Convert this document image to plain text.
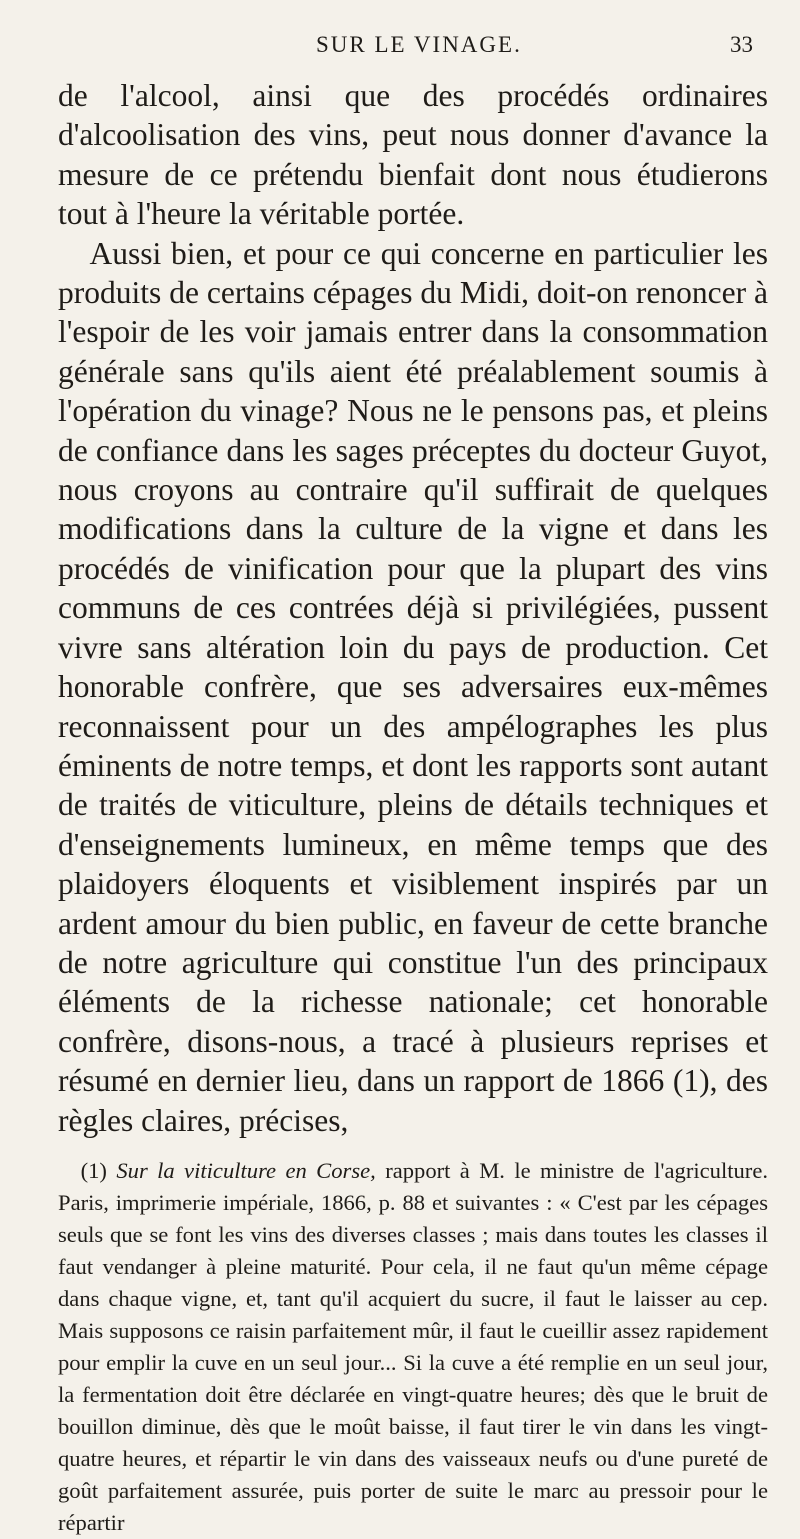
SUR LE VINAGE.	33

de l'alcool, ainsi que des procédés ordinaires d'alcoolisation des vins, peut nous donner d'avance la mesure de ce prétendu bienfait dont nous étudierons tout à l'heure la véritable portée.

Aussi bien, et pour ce qui concerne en particulier les produits de certains cépages du Midi, doit-on renoncer à l'espoir de les voir jamais entrer dans la consommation générale sans qu'ils aient été préalablement soumis à l'opération du vinage? Nous ne le pensons pas, et pleins de confiance dans les sages préceptes du docteur Guyot, nous croyons au contraire qu'il suffirait de quelques modifications dans la culture de la vigne et dans les procédés de vinification pour que la plupart des vins communs de ces contrées déjà si privilégiées, pussent vivre sans altération loin du pays de production. Cet honorable confrère, que ses adversaires eux-mêmes reconnaissent pour un des ampélographes les plus éminents de notre temps, et dont les rapports sont autant de traités de viticulture, pleins de détails techniques et d'enseignements lumineux, en même temps que des plaidoyers éloquents et visiblement inspirés par un ardent amour du bien public, en faveur de cette branche de notre agriculture qui constitue l'un des principaux éléments de la richesse nationale; cet honorable confrère, disons-nous, a tracé à plusieurs reprises et résumé en dernier lieu, dans un rapport de 1866 (1), des règles claires, précises,

(1) Sur la viticulture en Corse, rapport à M. le ministre de l'agriculture. Paris, imprimerie impériale, 1866, p. 88 et suivantes : « C'est par les cépages seuls que se font les vins des diverses classes ; mais dans toutes les classes il faut vendanger à pleine maturité. Pour cela, il ne faut qu'un même cépage dans chaque vigne, et, tant qu'il acquiert du sucre, il faut le laisser au cep. Mais supposons ce raisin parfaitement mûr, il faut le cueillir assez rapidement pour emplir la cuve en un seul jour... Si la cuve a été remplie en un seul jour, la fermentation doit être déclarée en vingt-quatre heures; dès que le bruit de bouillon diminue, dès que le moût baisse, il faut tirer le vin dans les vingt-quatre heures, et répartir le vin dans des vaisseaux neufs ou d'une pureté de goût parfaitement assurée, puis porter de suite le marc au pressoir pour le répartir
